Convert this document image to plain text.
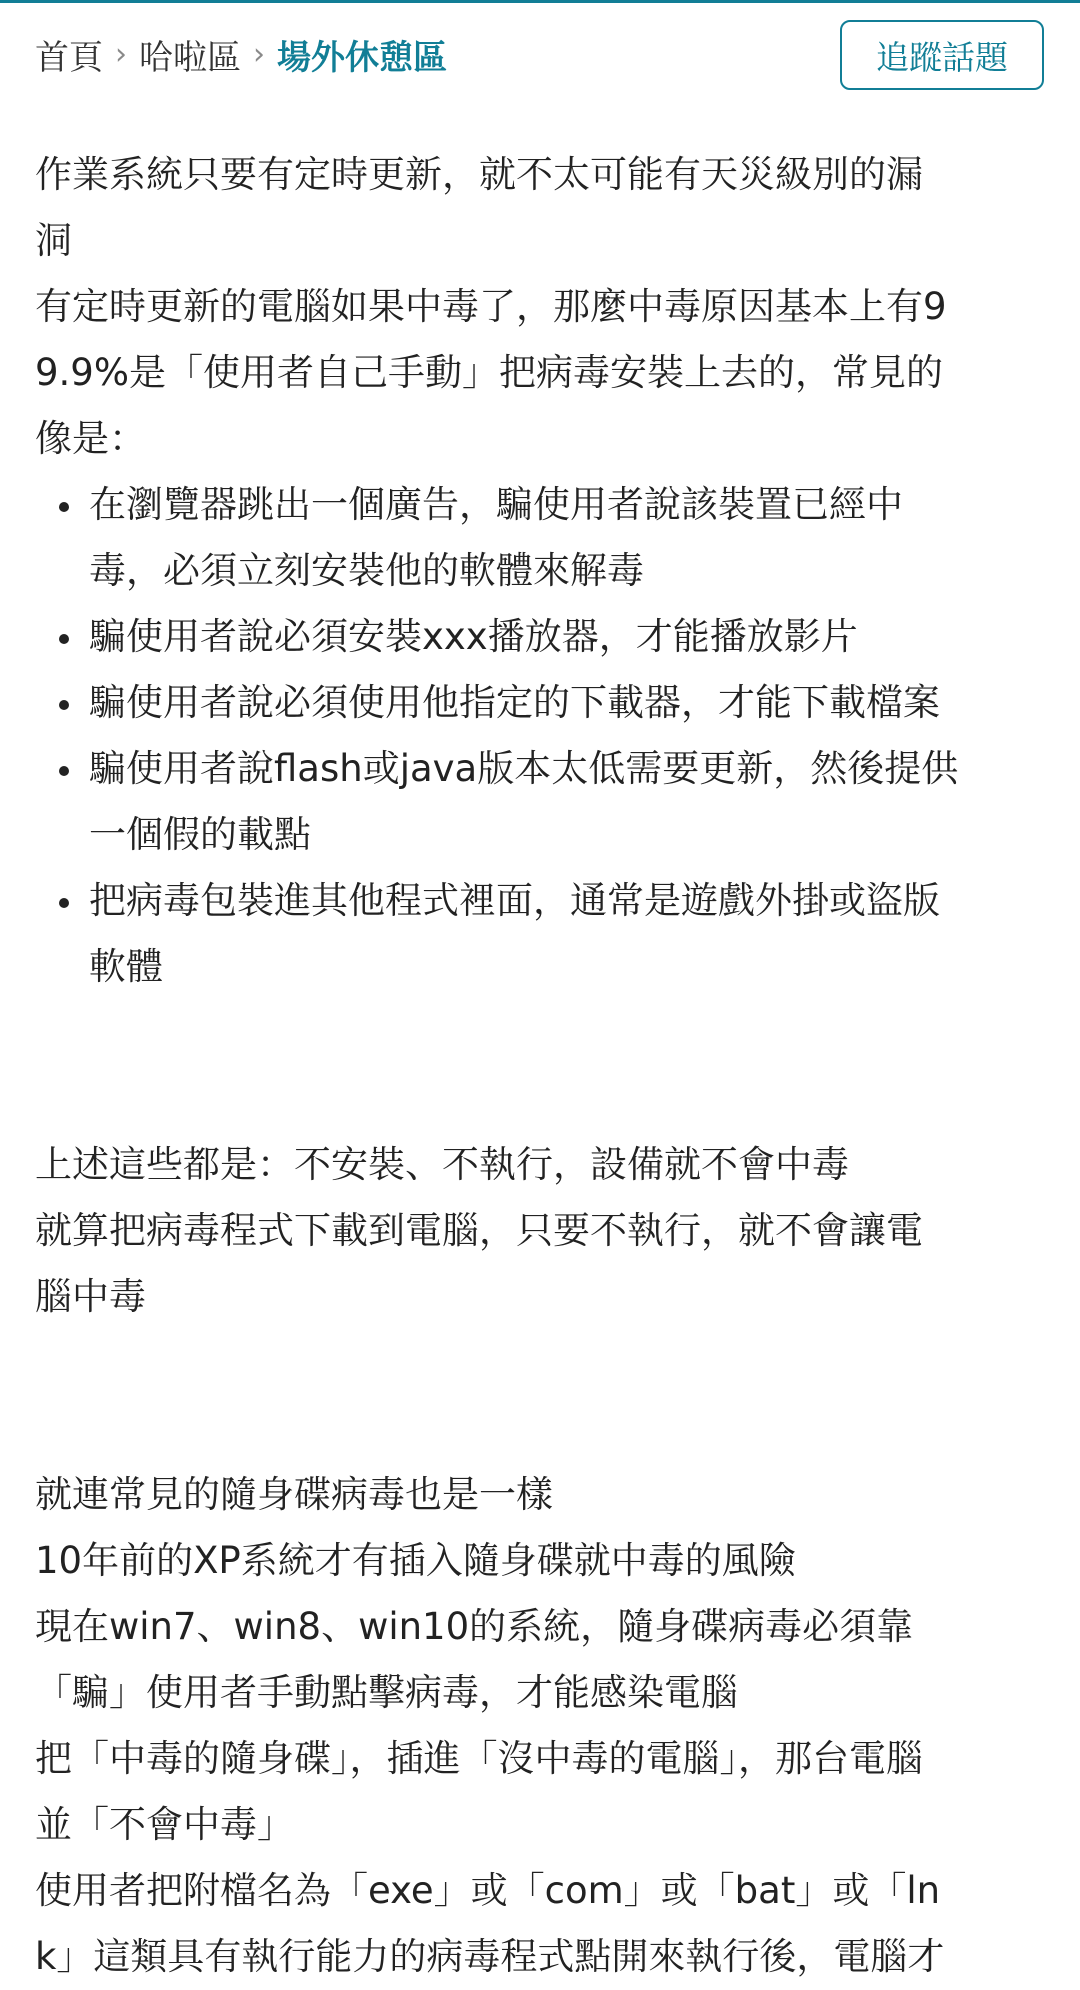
首頁 › 哈啦區 › 場外休憩區	追蹤話題
作業系統只要有定時更新，就不太可能有天災級別的漏
洞
有定時更新的電腦如果中毒了，那麼中毒原因基本上有9
9.9%是「使用者自己手動」把病毒安裝上去的，常見的
像是：
在瀏覽器跳出一個廣告，騙使用者說該裝置已經中
毒，必須立刻安裝他的軟體來解毒
騙使用者說必須安裝xxx播放器，才能播放影片
騙使用者說必須使用他指定的下載器，才能下載檔案
騙使用者說flash或java版本太低需要更新，然後提供
一個假的載點
把病毒包裝進其他程式裡面，通常是遊戲外掛或盜版
軟體
上述這些都是：不安裝、不執行，設備就不會中毒
就算把病毒程式下載到電腦，只要不執行，就不會讓電
腦中毒
就連常見的隨身碟病毒也是一樣
10年前的XP系統才有插入隨身碟就中毒的風險
現在win7、win8、win10的系統，隨身碟病毒必須靠
「騙」使用者手動點擊病毒，才能感染電腦
把「中毒的隨身碟」，插進「沒中毒的電腦」，那台電腦
並「不會中毒」
使用者把附檔名為「exe」或「com」或「bat」或「ln
k」這類具有執行能力的病毒程式點開來執行後，電腦才
